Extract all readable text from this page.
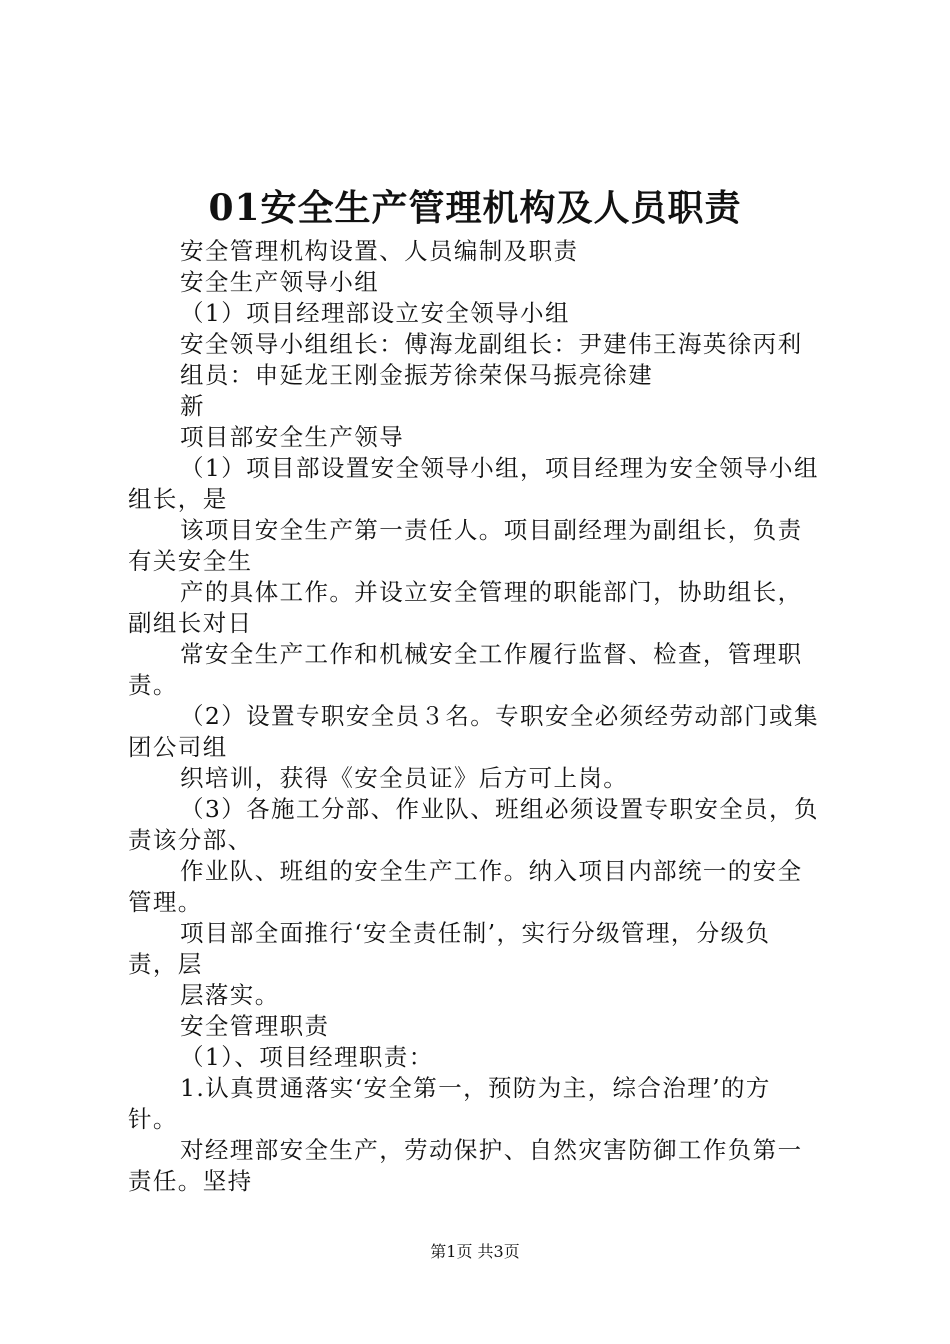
01安全生产管理机构及人员职责
安全管理机构设置、人员编制及职责
安全生产领导小组
（1）项目经理部设立安全领导小组
安全领导小组组长：傅海龙副组长：尹建伟王海英徐丙利
组员：申延龙王刚金振芳徐荣保马振亮徐建
新
项目部安全生产领导
（1）项目部设置安全领导小组，项目经理为安全领导小组
组长，是
该项目安全生产第一责任人。项目副经理为副组长，负责
有关安全生
产的具体工作。并设立安全管理的职能部门，协助组长，
副组长对日
常安全生产工作和机械安全工作履行监督、检查，管理职
责。
（2）设置专职安全员３名。专职安全必须经劳动部门或集
团公司组
织培训，获得《安全员证》后方可上岗。
（3）各施工分部、作业队、班组必须设置专职安全员，负
责该分部、
作业队、班组的安全生产工作。纳入项目内部统一的安全
管理。
项目部全面推行‘安全责任制’，实行分级管理，分级负
责，层
层落实。
安全管理职责
（1）、项目经理职责：
1.认真贯通落实‘安全第一，预防为主，综合治理’的方
针。
对经理部安全生产，劳动保护、自然灾害防御工作负第一
责任。坚持
第1页 共3页
